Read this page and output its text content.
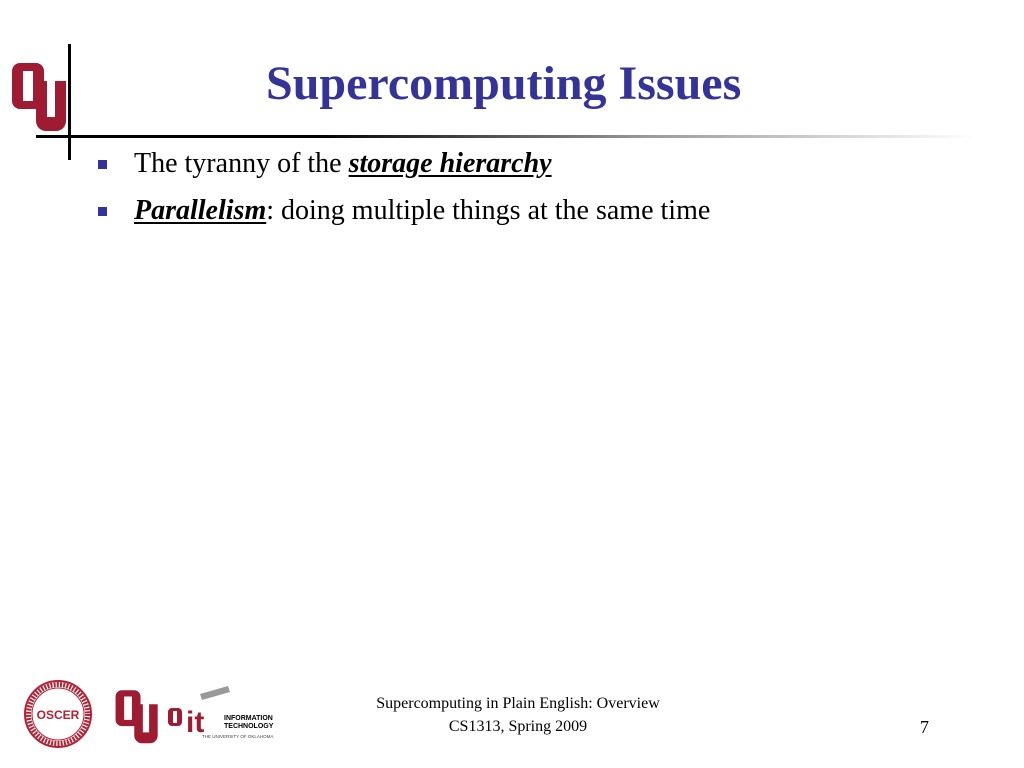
Supercomputing Issues
The tyranny of the storage hierarchy
Parallelism: doing multiple things at the same time
OSCER	it	INFORMATION
TECHNOLOGY
THE UNIVERSITY OF OKLAHOMA
Supercomputing in Plain English: Overview
CS1313, Spring 2009	7
